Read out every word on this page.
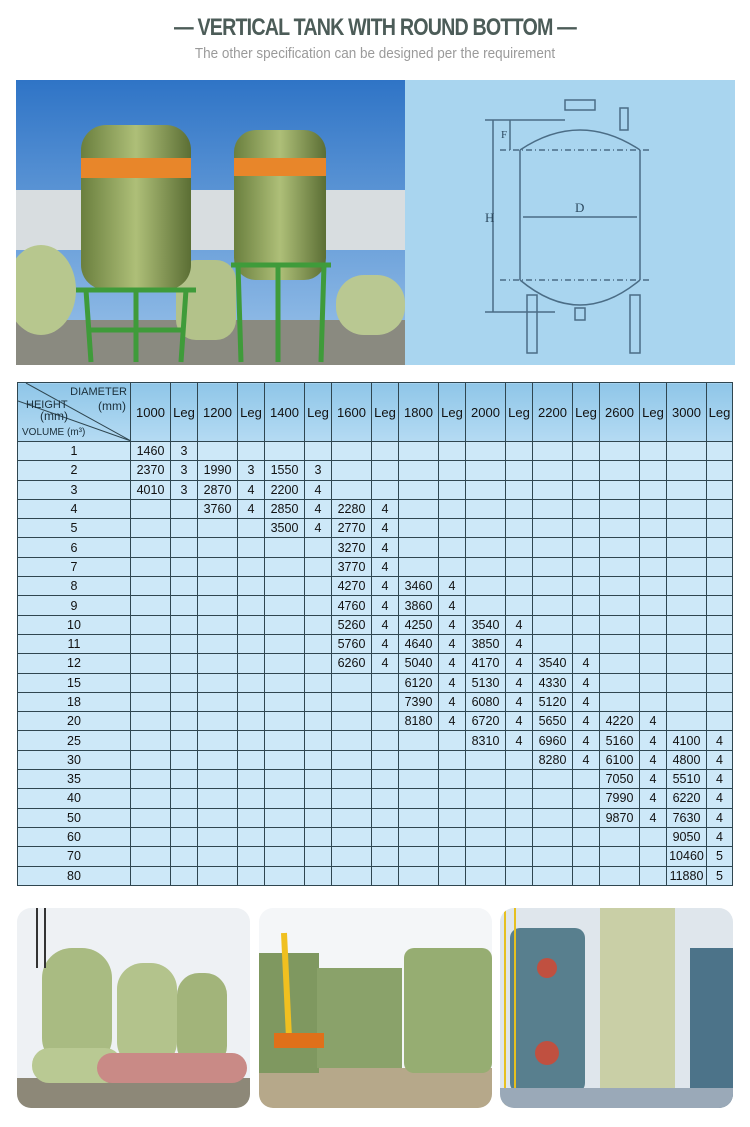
— VERTICAL TANK WITH ROUND BOTTOM —
The other specification can be designed per the requirement
H
F
D
DIAMETER
(mm)
HEIGHT
(mm)
VOLUME (m³)	1000	Leg	1200	Leg	1400	Leg	1600	Leg	1800	Leg	2000	Leg	2200	Leg	2600	Leg	3000	Leg
1	1460	3																
2	2370	3	1990	3	1550	3												
3	4010	3	2870	4	2200	4												
4			3760	4	2850	4	2280	4										
5					3500	4	2770	4										
6							3270	4										
7							3770	4										
8							4270	4	3460	4								
9							4760	4	3860	4								
10							5260	4	4250	4	3540	4						
11							5760	4	4640	4	3850	4						
12							6260	4	5040	4	4170	4	3540	4				
15									6120	4	5130	4	4330	4				
18									7390	4	6080	4	5120	4				
20									8180	4	6720	4	5650	4	4220	4		
25											8310	4	6960	4	5160	4	4100	4
30													8280	4	6100	4	4800	4
35															7050	4	5510	4
40															7990	4	6220	4
50															9870	4	7630	4
60																	9050	4
70																	10460	5
80																	11880	5
